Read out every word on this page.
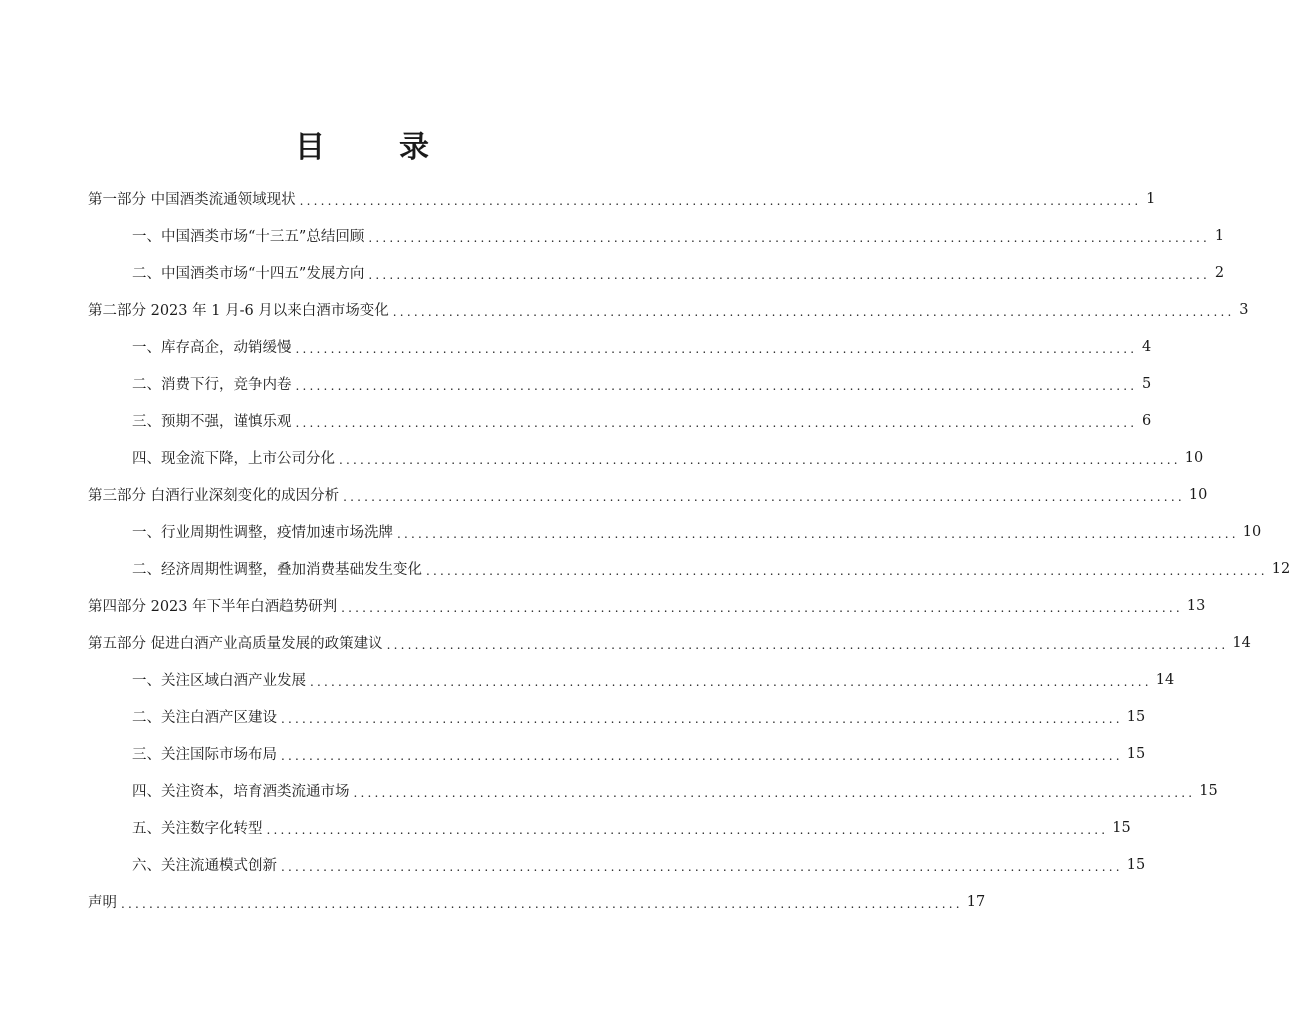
目　录
第一部分 中国酒类流通领域现状 ........................................................................................................................ 1
一、中国酒类市场“十三五”总结回顾 ........................................................................................................................ 1
二、中国酒类市场“十四五”发展方向 ........................................................................................................................ 2
第二部分 2023 年 1 月-6 月以来白酒市场变化 ........................................................................................................................ 3
一、库存高企，动销缓慢 ........................................................................................................................ 4
二、消费下行，竞争内卷 ........................................................................................................................ 5
三、预期不强，谨慎乐观 ........................................................................................................................ 6
四、现金流下降，上市公司分化 ........................................................................................................................ 10
第三部分 白酒行业深刻变化的成因分析 ........................................................................................................................ 10
一、行业周期性调整，疫情加速市场洗牌 ........................................................................................................................ 10
二、经济周期性调整，叠加消费基础发生变化 ........................................................................................................................ 12
第四部分 2023 年下半年白酒趋势研判 ........................................................................................................................ 13
第五部分 促进白酒产业高质量发展的政策建议 ........................................................................................................................ 14
一、关注区域白酒产业发展 ........................................................................................................................ 14
二、关注白酒产区建设 ........................................................................................................................ 15
三、关注国际市场布局 ........................................................................................................................ 15
四、关注资本，培育酒类流通市场 ........................................................................................................................ 15
五、关注数字化转型 ........................................................................................................................ 15
六、关注流通模式创新 ........................................................................................................................ 15
声明 ........................................................................................................................ 17
